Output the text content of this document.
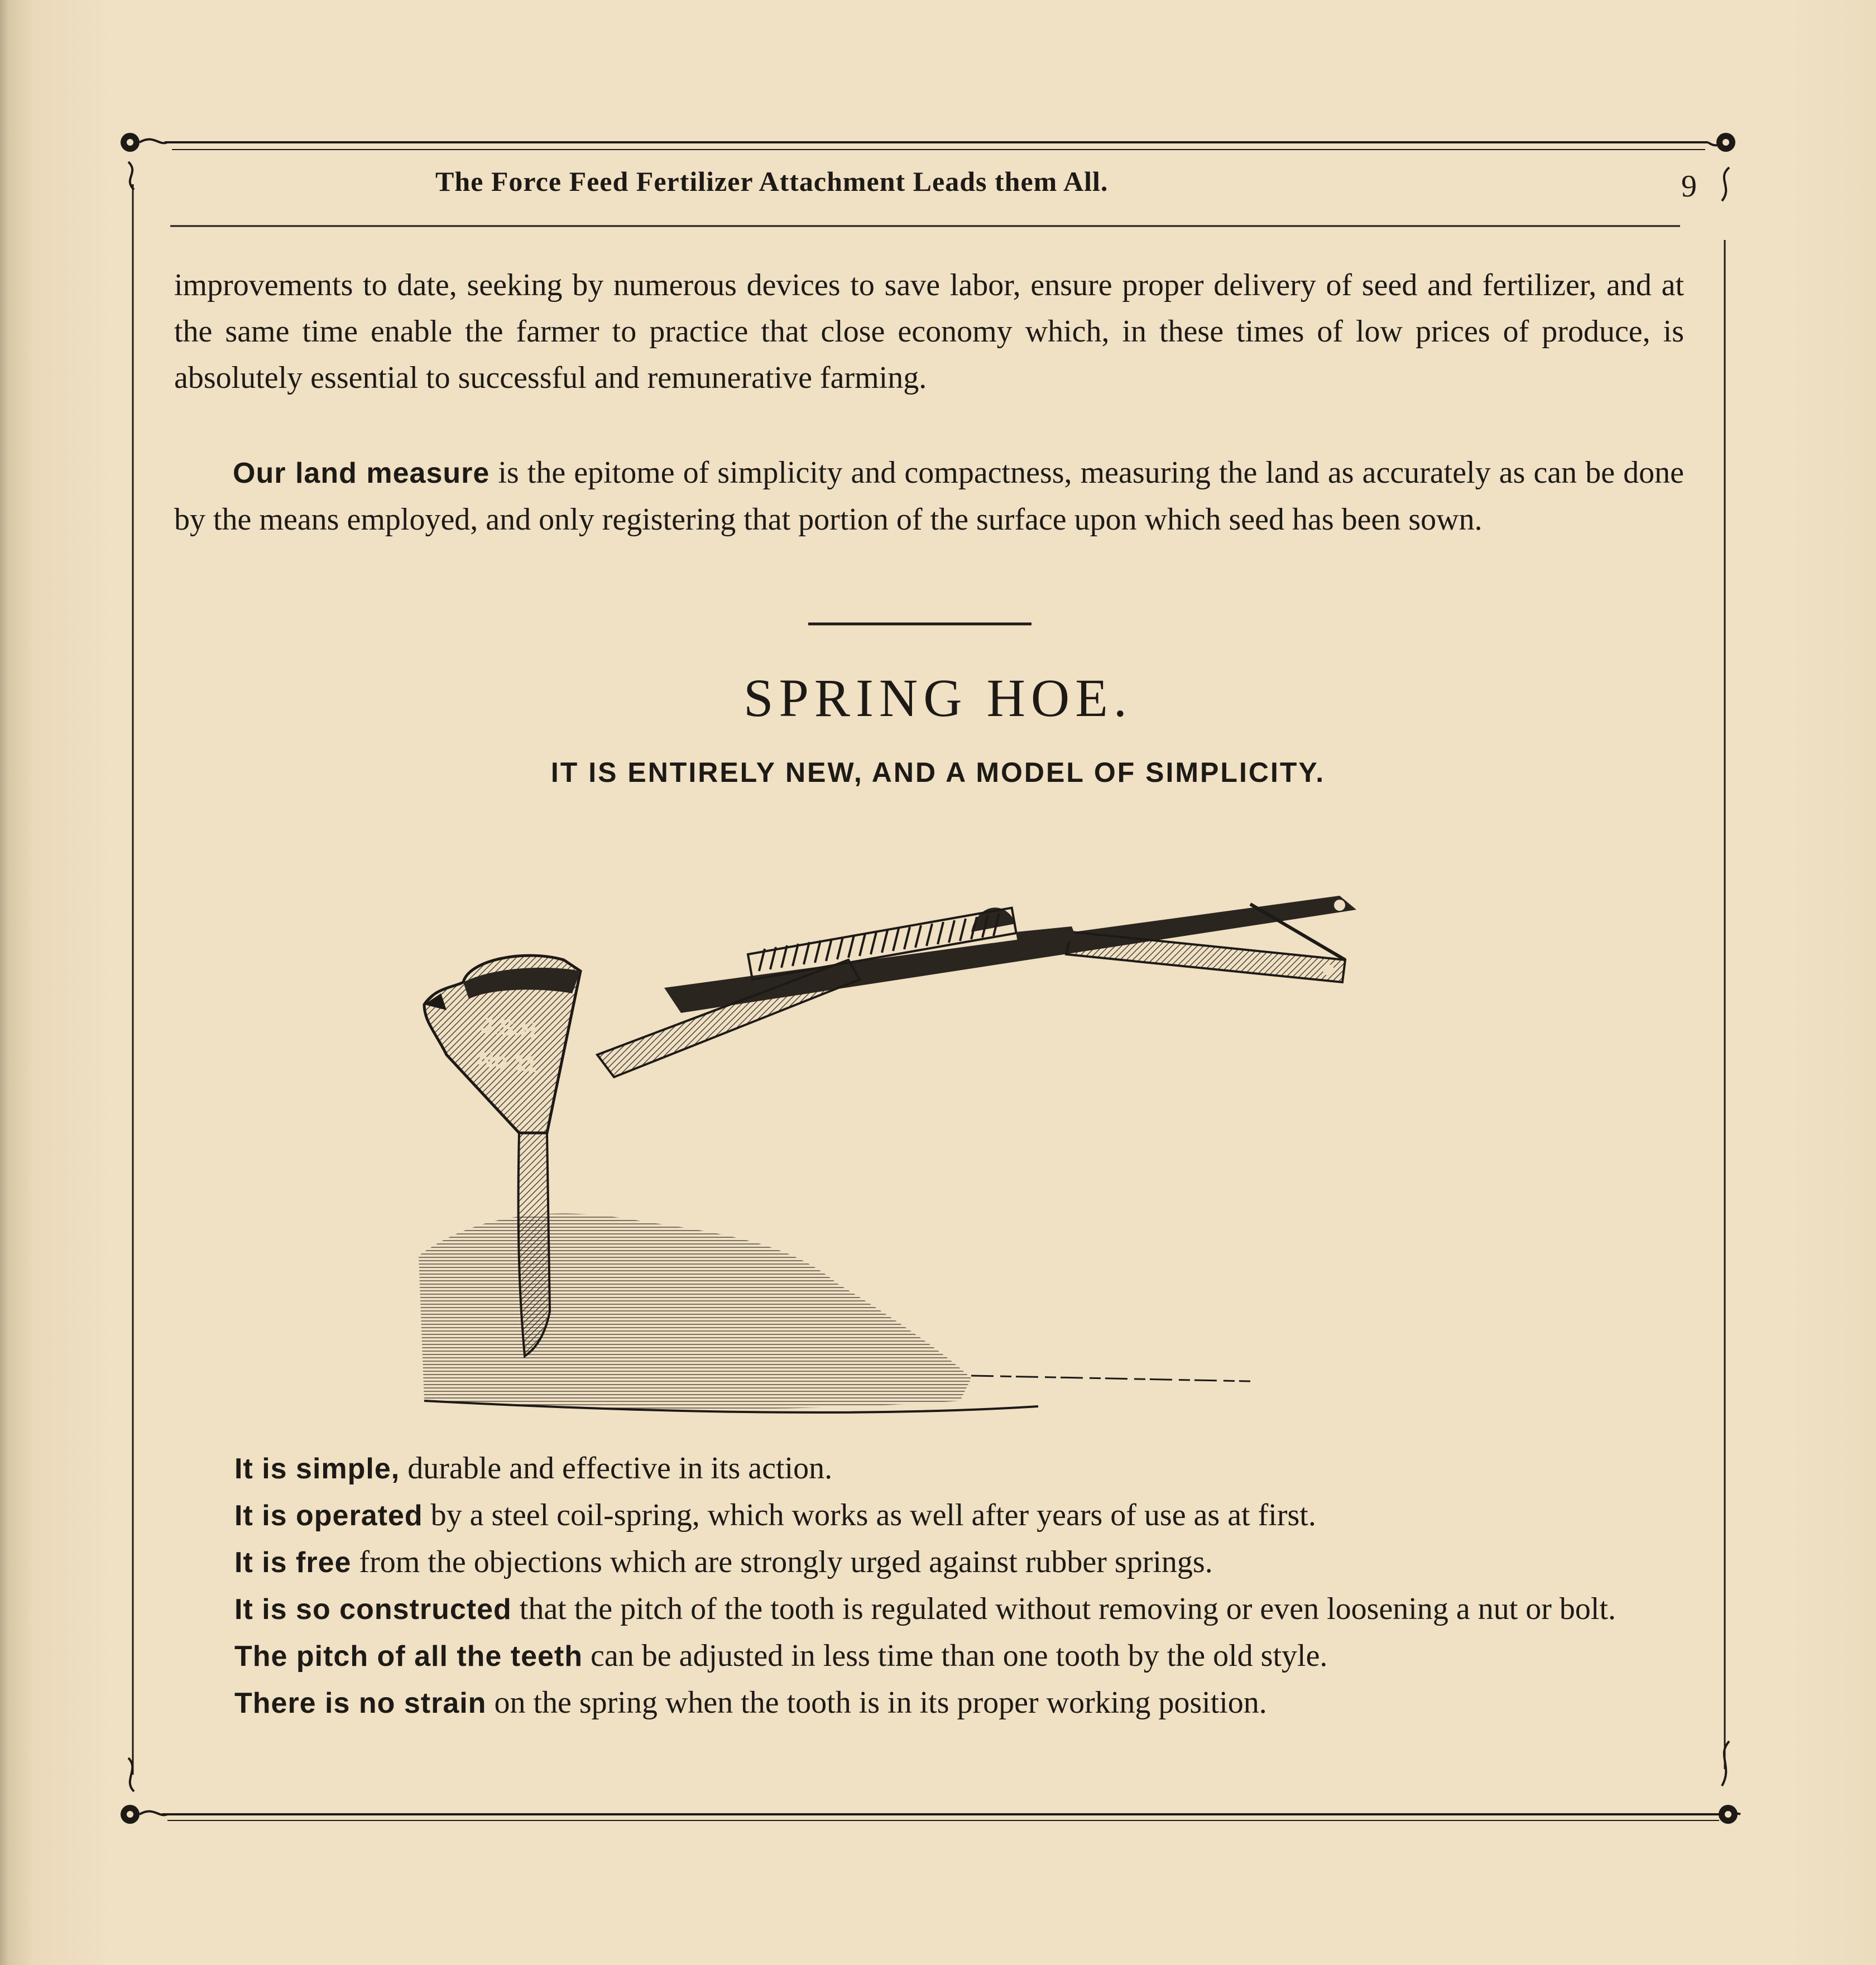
The Force Feed Fertilizer Attachment Leads them All.	9

improvements to date, seeking by numerous devices to save labor, ensure proper delivery of seed and fertilizer, and at the same time enable the farmer to practice that close economy which, in these times of low prices of produce, is absolutely essential to successful and remunerative farming.

Our land measure is the epitome of simplicity and compactness, measuring the land as accurately as can be done by the means employed, and only registering that portion of the surface upon which seed has been sown.

SPRING HOE.
IT IS ENTIRELY NEW, AND A MODEL OF SIMPLICITY.
J.S.H
No 11
It is simple, durable and effective in its action.
It is operated by a steel coil-spring, which works as well after years of use as at first.
It is free from the objections which are strongly urged against rubber springs.
It is so constructed that the pitch of the tooth is regulated without removing or even loosening a nut or bolt.
The pitch of all the teeth can be adjusted in less time than one tooth by the old style.
There is no strain on the spring when the tooth is in its proper working position.
